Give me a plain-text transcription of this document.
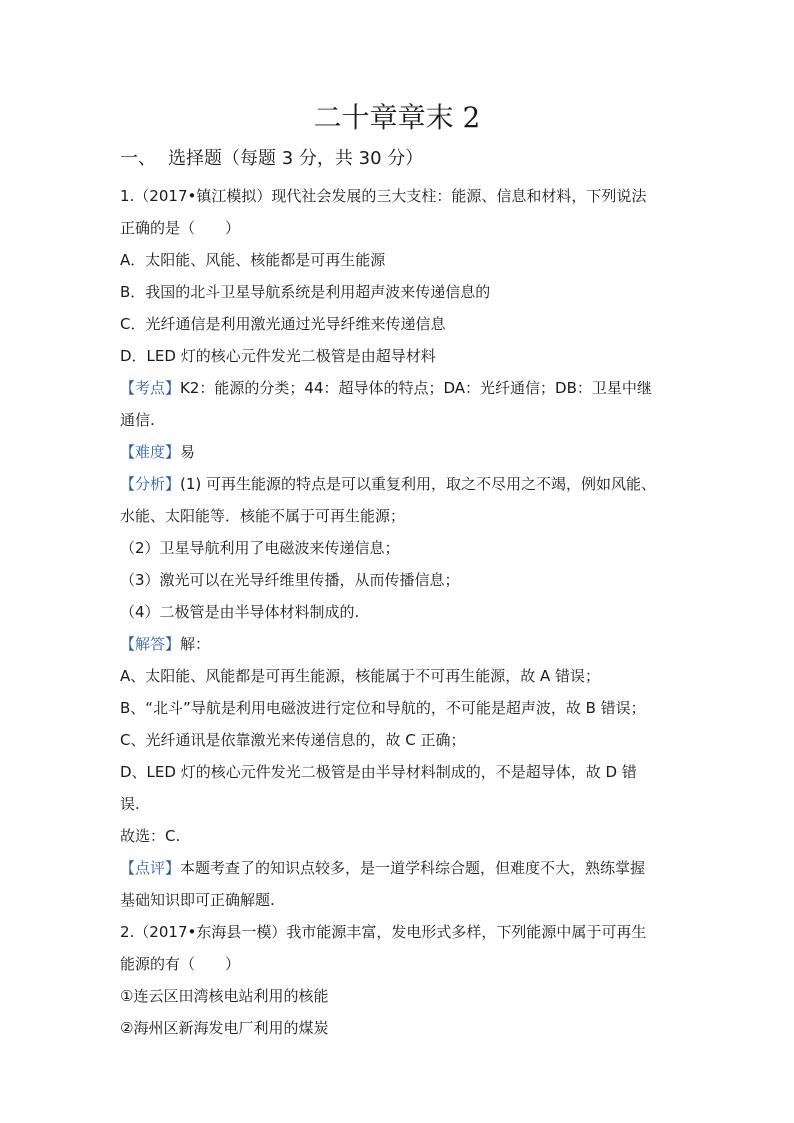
二十章章末 2
一、 选择题（每题 3 分，共 30 分）

1.（2017•镇江模拟）现代社会发展的三大支柱：能源、信息和材料，下列说法

正确的是（　　）

A．太阳能、风能、核能都是可再生能源

B．我国的北斗卫星导航系统是利用超声波来传递信息的

C．光纤通信是利用激光通过光导纤维来传递信息

D．LED 灯的核心元件发光二极管是由超导材料

【考点】K2：能源的分类；44：超导体的特点；DA：光纤通信；DB：卫星中继

通信.

【难度】易

【分析】(1) 可再生能源的特点是可以重复利用，取之不尽用之不竭，例如风能、

水能、太阳能等．核能不属于可再生能源；

（2）卫星导航利用了电磁波来传递信息；

（3）激光可以在光导纤维里传播，从而传播信息；

（4）二极管是由半导体材料制成的.

【解答】解：

A、太阳能、风能都是可再生能源，核能属于不可再生能源，故 A 错误；

B、“北斗”导航是利用电磁波进行定位和导航的，不可能是超声波，故 B 错误；

C、光纤通讯是依靠激光来传递信息的，故 C 正确；

D、LED 灯的核心元件发光二极管是由半导材料制成的，不是超导体，故 D 错

误.

故选：C.

【点评】本题考查了的知识点较多，是一道学科综合题，但难度不大，熟练掌握

基础知识即可正确解题.

2.（2017•东海县一模）我市能源丰富，发电形式多样，下列能源中属于可再生

能源的有（　　）

①连云区田湾核电站利用的核能

②海州区新海发电厂利用的煤炭
